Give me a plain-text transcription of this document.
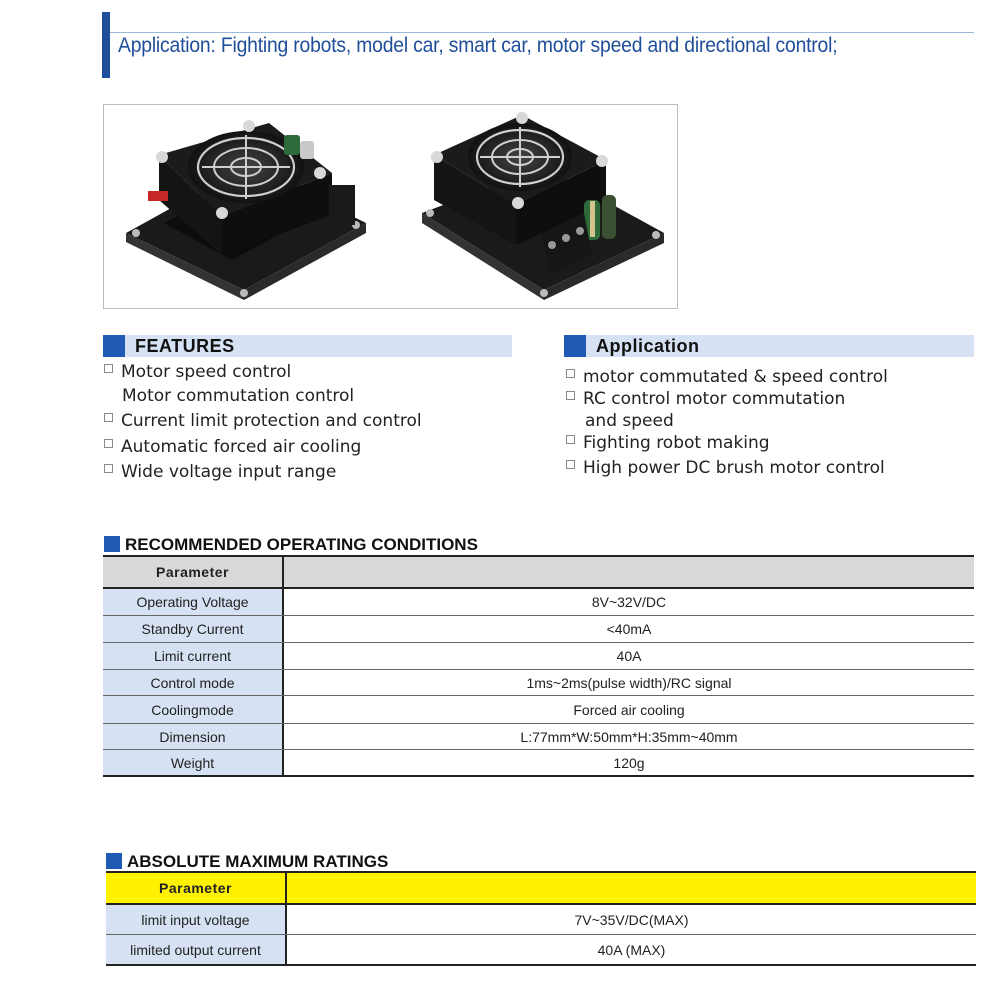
Application: Fighting robots, model car, smart car, motor speed and directional control;
FEATURES
Motor speed control
Motor commutation control
Current limit protection and control
Automatic forced air cooling
Wide voltage input range
Application
motor commutated & speed control
RC control motor commutation
and speed
Fighting robot making
High power DC brush motor control
RECOMMENDED OPERATING CONDITIONS
Parameter
Operating Voltage	8V~32V/DC
Standby Current	<40mA
Limit current	40A
Control mode	1ms~2ms(pulse width)/RC signal
Coolingmode	Forced air cooling
Dimension	L:77mm*W:50mm*H:35mm~40mm
Weight	120g
ABSOLUTE MAXIMUM RATINGS
Parameter
limit input voltage	7V~35V/DC(MAX)
limited output current	40A (MAX)
